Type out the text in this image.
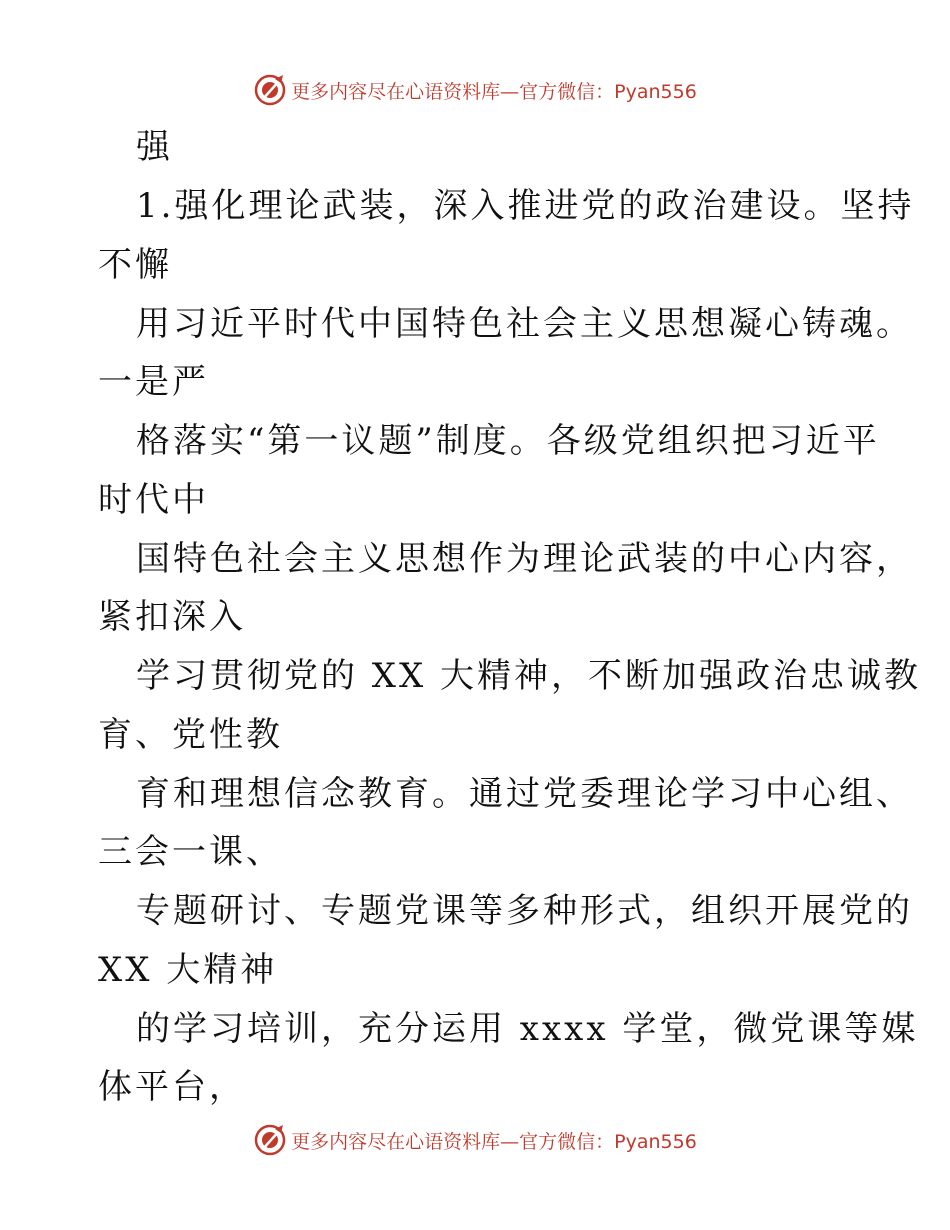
更多内容尽在心语资料库— 官方微信：Pyan556
强
1.强化理论武装，深入推进党的政治建设。坚持
不懈
用习近平时代中国特色社会主义思想凝心铸魂。
一是严
格落实“第一议题”制度。各级党组织把习近平
时代中
国特色社会主义思想作为理论武装的中心内容，
紧扣深入
学习贯彻党的 XX 大精神，不断加强政治忠诚教
育、党性教
育和理想信念教育。通过党委理论学习中心组、
三会一课、
专题研讨、专题党课等多种形式，组织开展党的
XX 大精神
的学习培训，充分运用 xxxx 学堂，微党课等媒
体平台，
更多内容尽在心语资料库— 官方微信：Pyan556
